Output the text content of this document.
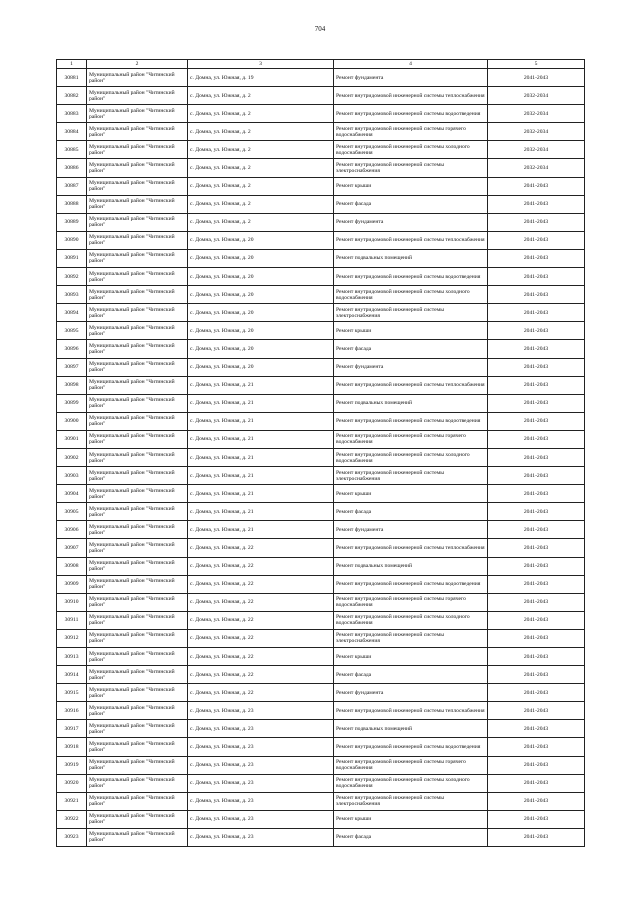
704
1	2	3	4	5
30881	Муниципальный район "Читинский район"	с. Домна, ул. Южная, д. 19	Ремонт фундамента	2041-2043
30882	Муниципальный район "Читинский район"	с. Домна, ул. Южная, д. 2	Ремонт внутридомовой инженерной системы теплоснабжения	2032-2034
30883	Муниципальный район "Читинский район"	с. Домна, ул. Южная, д. 2	Ремонт внутридомовой инженерной системы водоотведения	2032-2034
30884	Муниципальный район "Читинский район"	с. Домна, ул. Южная, д. 2	Ремонт внутридомовой инженерной системы горячего водоснабжения	2032-2034
30885	Муниципальный район "Читинский район"	с. Домна, ул. Южная, д. 2	Ремонт внутридомовой инженерной системы холодного водоснабжения	2032-2034
30886	Муниципальный район "Читинский район"	с. Домна, ул. Южная, д. 2	Ремонт внутридомовой инженерной системы электроснабжения	2032-2034
30887	Муниципальный район "Читинский район"	с. Домна, ул. Южная, д. 2	Ремонт крыши	2041-2043
30888	Муниципальный район "Читинский район"	с. Домна, ул. Южная, д. 2	Ремонт фасада	2041-2043
30889	Муниципальный район "Читинский район"	с. Домна, ул. Южная, д. 2	Ремонт фундамента	2041-2043
30890	Муниципальный район "Читинский район"	с. Домна, ул. Южная, д. 20	Ремонт внутридомовой инженерной системы теплоснабжения	2041-2043
30891	Муниципальный район "Читинский район"	с. Домна, ул. Южная, д. 20	Ремонт подвальных помещений	2041-2043
30892	Муниципальный район "Читинский район"	с. Домна, ул. Южная, д. 20	Ремонт внутридомовой инженерной системы водоотведения	2041-2043
30893	Муниципальный район "Читинский район"	с. Домна, ул. Южная, д. 20	Ремонт внутридомовой инженерной системы холодного водоснабжения	2041-2043
30894	Муниципальный район "Читинский район"	с. Домна, ул. Южная, д. 20	Ремонт внутридомовой инженерной системы электроснабжения	2041-2043
30895	Муниципальный район "Читинский район"	с. Домна, ул. Южная, д. 20	Ремонт крыши	2041-2043
30896	Муниципальный район "Читинский район"	с. Домна, ул. Южная, д. 20	Ремонт фасада	2041-2043
30897	Муниципальный район "Читинский район"	с. Домна, ул. Южная, д. 20	Ремонт фундамента	2041-2043
30898	Муниципальный район "Читинский район"	с. Домна, ул. Южная, д. 21	Ремонт внутридомовой инженерной системы теплоснабжения	2041-2043
30899	Муниципальный район "Читинский район"	с. Домна, ул. Южная, д. 21	Ремонт подвальных помещений	2041-2043
30900	Муниципальный район "Читинский район"	с. Домна, ул. Южная, д. 21	Ремонт внутридомовой инженерной системы водоотведения	2041-2043
30901	Муниципальный район "Читинский район"	с. Домна, ул. Южная, д. 21	Ремонт внутридомовой инженерной системы горячего водоснабжения	2041-2043
30902	Муниципальный район "Читинский район"	с. Домна, ул. Южная, д. 21	Ремонт внутридомовой инженерной системы холодного водоснабжения	2041-2043
30903	Муниципальный район "Читинский район"	с. Домна, ул. Южная, д. 21	Ремонт внутридомовой инженерной системы электроснабжения	2041-2043
30904	Муниципальный район "Читинский район"	с. Домна, ул. Южная, д. 21	Ремонт крыши	2041-2043
30905	Муниципальный район "Читинский район"	с. Домна, ул. Южная, д. 21	Ремонт фасада	2041-2043
30906	Муниципальный район "Читинский район"	с. Домна, ул. Южная, д. 21	Ремонт фундамента	2041-2043
30907	Муниципальный район "Читинский район"	с. Домна, ул. Южная, д. 22	Ремонт внутридомовой инженерной системы теплоснабжения	2041-2043
30908	Муниципальный район "Читинский район"	с. Домна, ул. Южная, д. 22	Ремонт подвальных помещений	2041-2043
30909	Муниципальный район "Читинский район"	с. Домна, ул. Южная, д. 22	Ремонт внутридомовой инженерной системы водоотведения	2041-2043
30910	Муниципальный район "Читинский район"	с. Домна, ул. Южная, д. 22	Ремонт внутридомовой инженерной системы горячего водоснабжения	2041-2043
30911	Муниципальный район "Читинский район"	с. Домна, ул. Южная, д. 22	Ремонт внутридомовой инженерной системы холодного водоснабжения	2041-2043
30912	Муниципальный район "Читинский район"	с. Домна, ул. Южная, д. 22	Ремонт внутридомовой инженерной системы электроснабжения	2041-2043
30913	Муниципальный район "Читинский район"	с. Домна, ул. Южная, д. 22	Ремонт крыши	2041-2043
30914	Муниципальный район "Читинский район"	с. Домна, ул. Южная, д. 22	Ремонт фасада	2041-2043
30915	Муниципальный район "Читинский район"	с. Домна, ул. Южная, д. 22	Ремонт фундамента	2041-2043
30916	Муниципальный район "Читинский район"	с. Домна, ул. Южная, д. 23	Ремонт внутридомовой инженерной системы теплоснабжения	2041-2043
30917	Муниципальный район "Читинский район"	с. Домна, ул. Южная, д. 23	Ремонт подвальных помещений	2041-2043
30918	Муниципальный район "Читинский район"	с. Домна, ул. Южная, д. 23	Ремонт внутридомовой инженерной системы водоотведения	2041-2043
30919	Муниципальный район "Читинский район"	с. Домна, ул. Южная, д. 23	Ремонт внутридомовой инженерной системы горячего водоснабжения	2041-2043
30920	Муниципальный район "Читинский район"	с. Домна, ул. Южная, д. 23	Ремонт внутридомовой инженерной системы холодного водоснабжения	2041-2043
30921	Муниципальный район "Читинский район"	с. Домна, ул. Южная, д. 23	Ремонт внутридомовой инженерной системы электроснабжения	2041-2043
30922	Муниципальный район "Читинский район"	с. Домна, ул. Южная, д. 23	Ремонт крыши	2041-2043
30923	Муниципальный район "Читинский район"	с. Домна, ул. Южная, д. 23	Ремонт фасада	2041-2043
